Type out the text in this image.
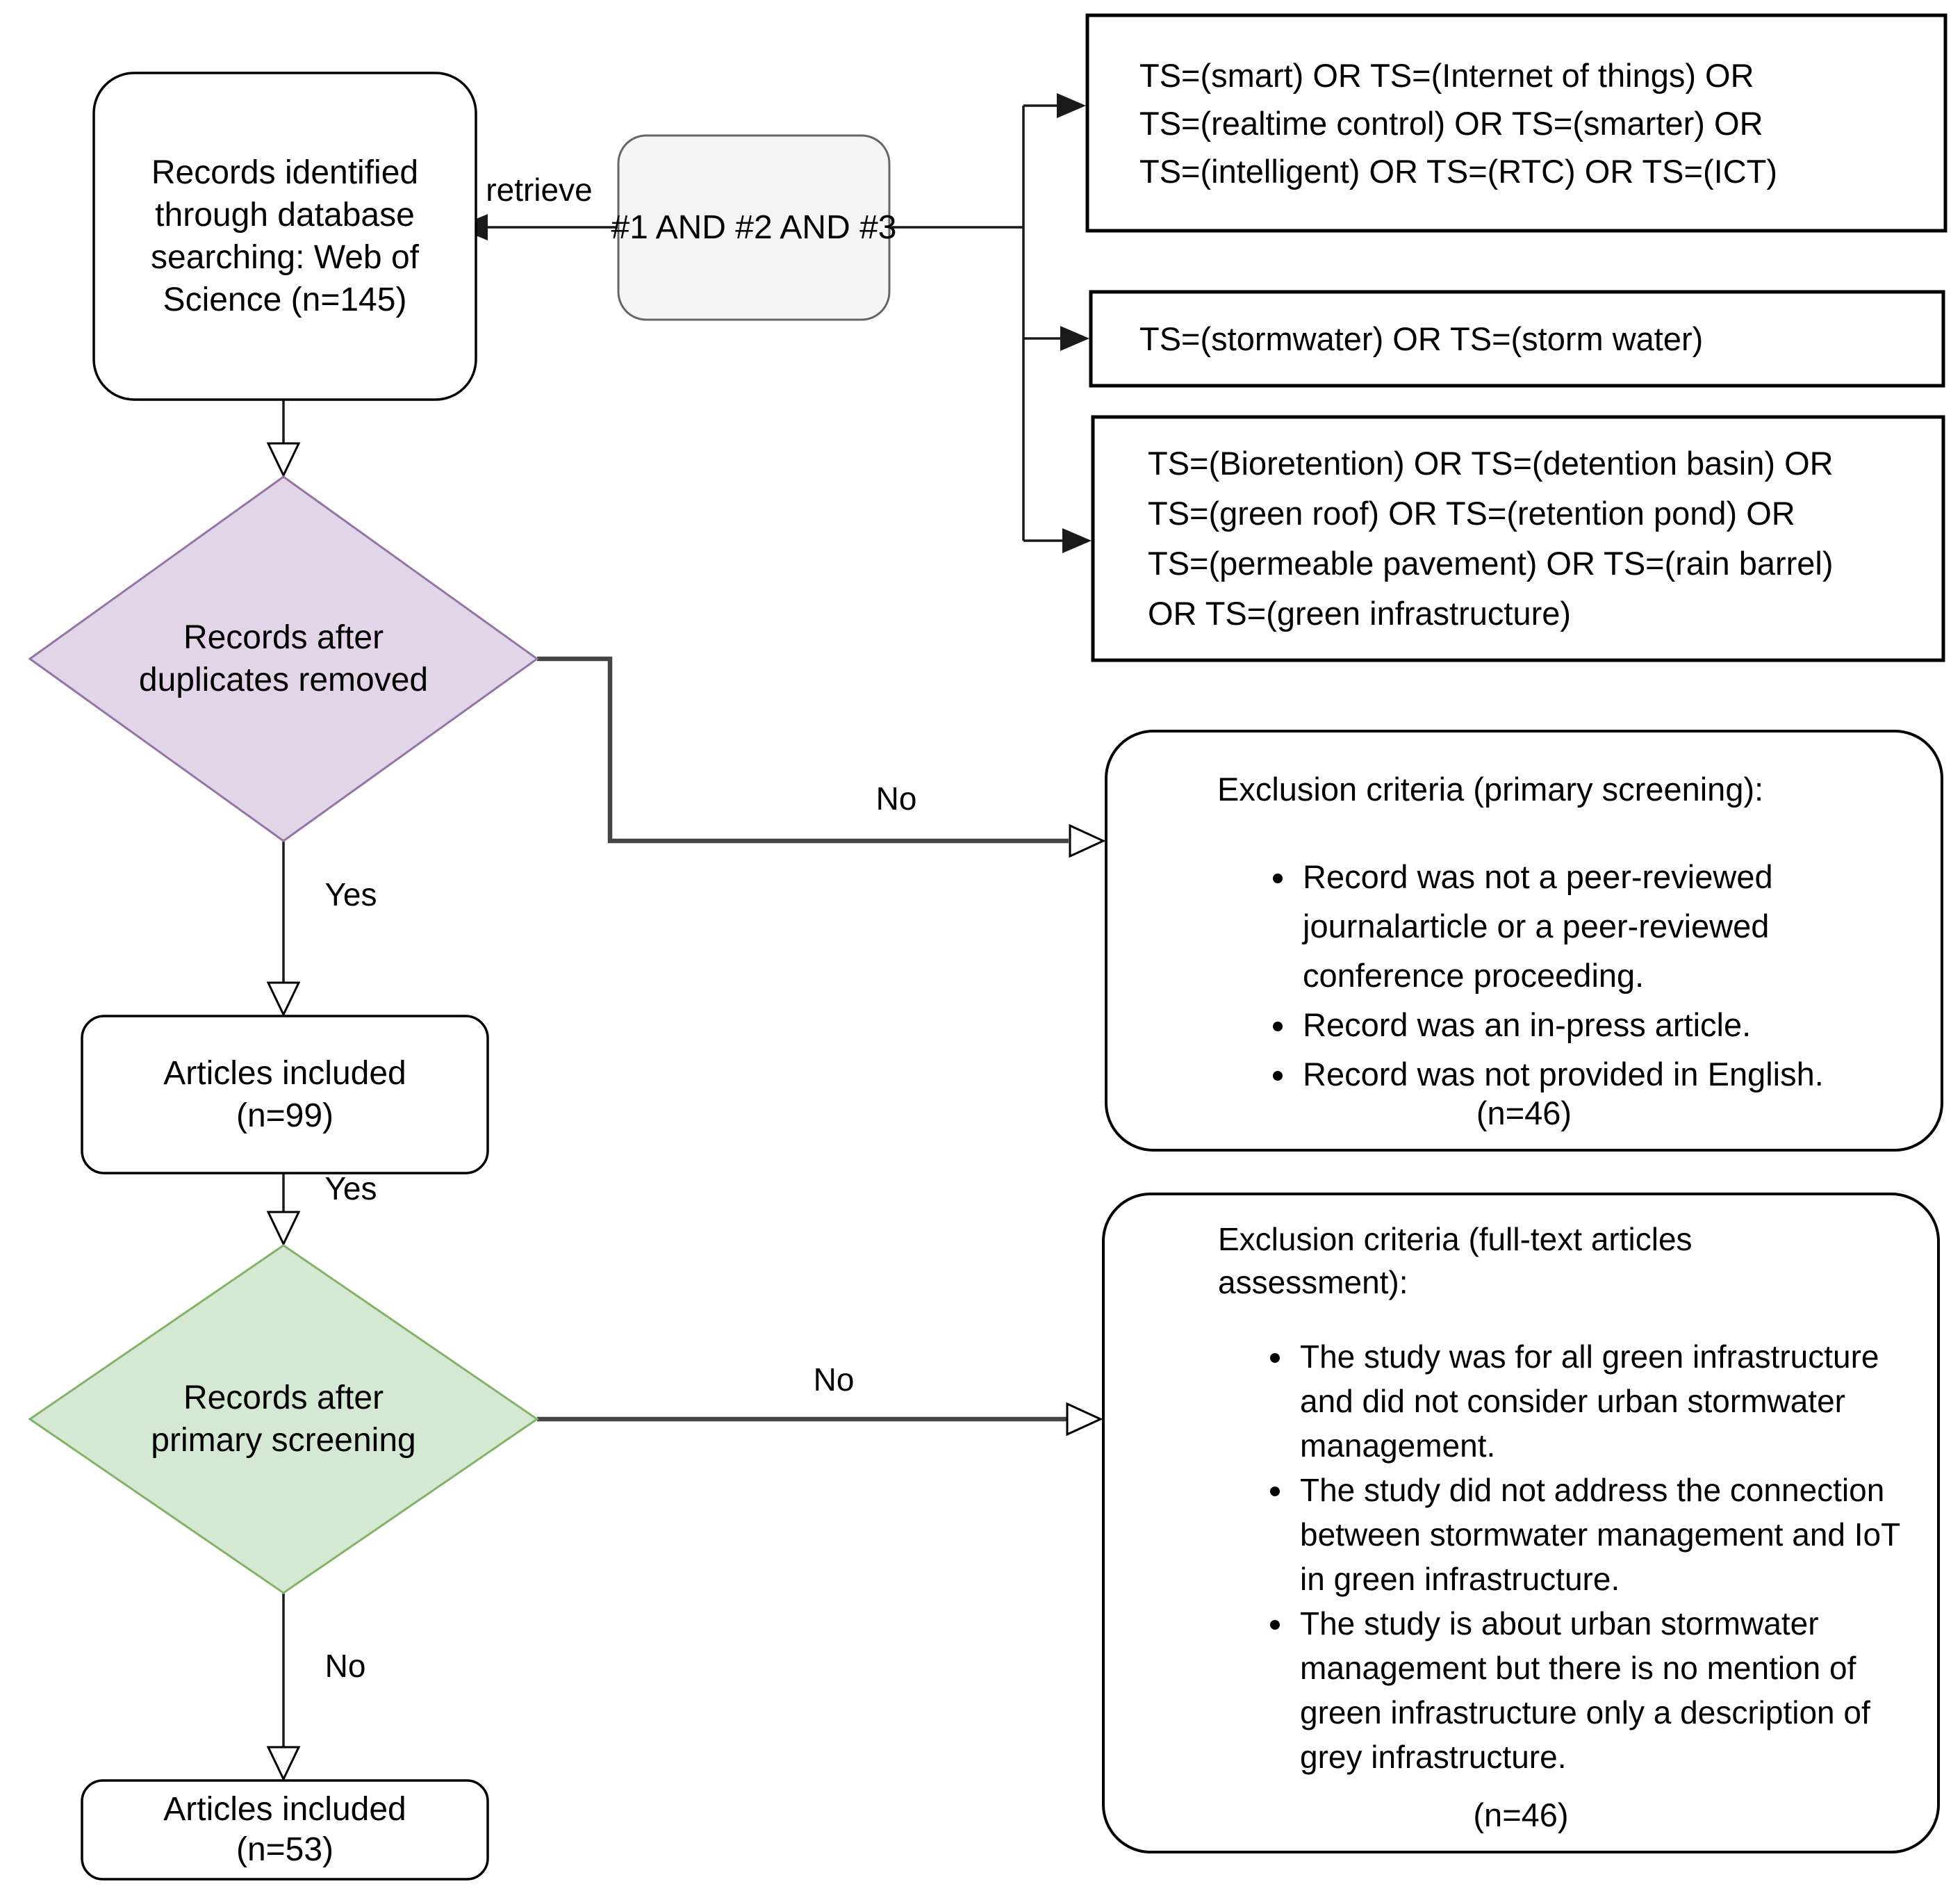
Records identified
through database
searching: Web of
Science (n=145)
#1 AND #2 AND #3
TS=(smart) OR TS=(Internet of things) OR
TS=(realtime control) OR TS=(smarter) OR
TS=(intelligent) OR TS=(RTC) OR TS=(ICT)
TS=(stormwater) OR TS=(storm water)
TS=(Bioretention) OR TS=(detention basin) OR
TS=(green roof) OR TS=(retention pond) OR
TS=(permeable pavement) OR TS=(rain barrel)
OR TS=(green infrastructure)
Records after
duplicates removed
Articles included
(n=99)
Records after
primary screening
Articles included
(n=53)
Exclusion criteria (primary screening):
• Record was not a peer-reviewed journalarticle or a peer-reviewed conference proceeding.
• Record was an in-press article.
• Record was not provided in English.
(n=46)
Exclusion criteria (full-text articles assessment):
• The study was for all green infrastructure and did not consider urban stormwater management.
• The study did not address the connection between stormwater management and IoT in green infrastructure.
• The study is about urban stormwater management but there is no mention of green infrastructure only a description of grey infrastructure.
(n=46)
retrieve
No
Yes
Yes
No
No
